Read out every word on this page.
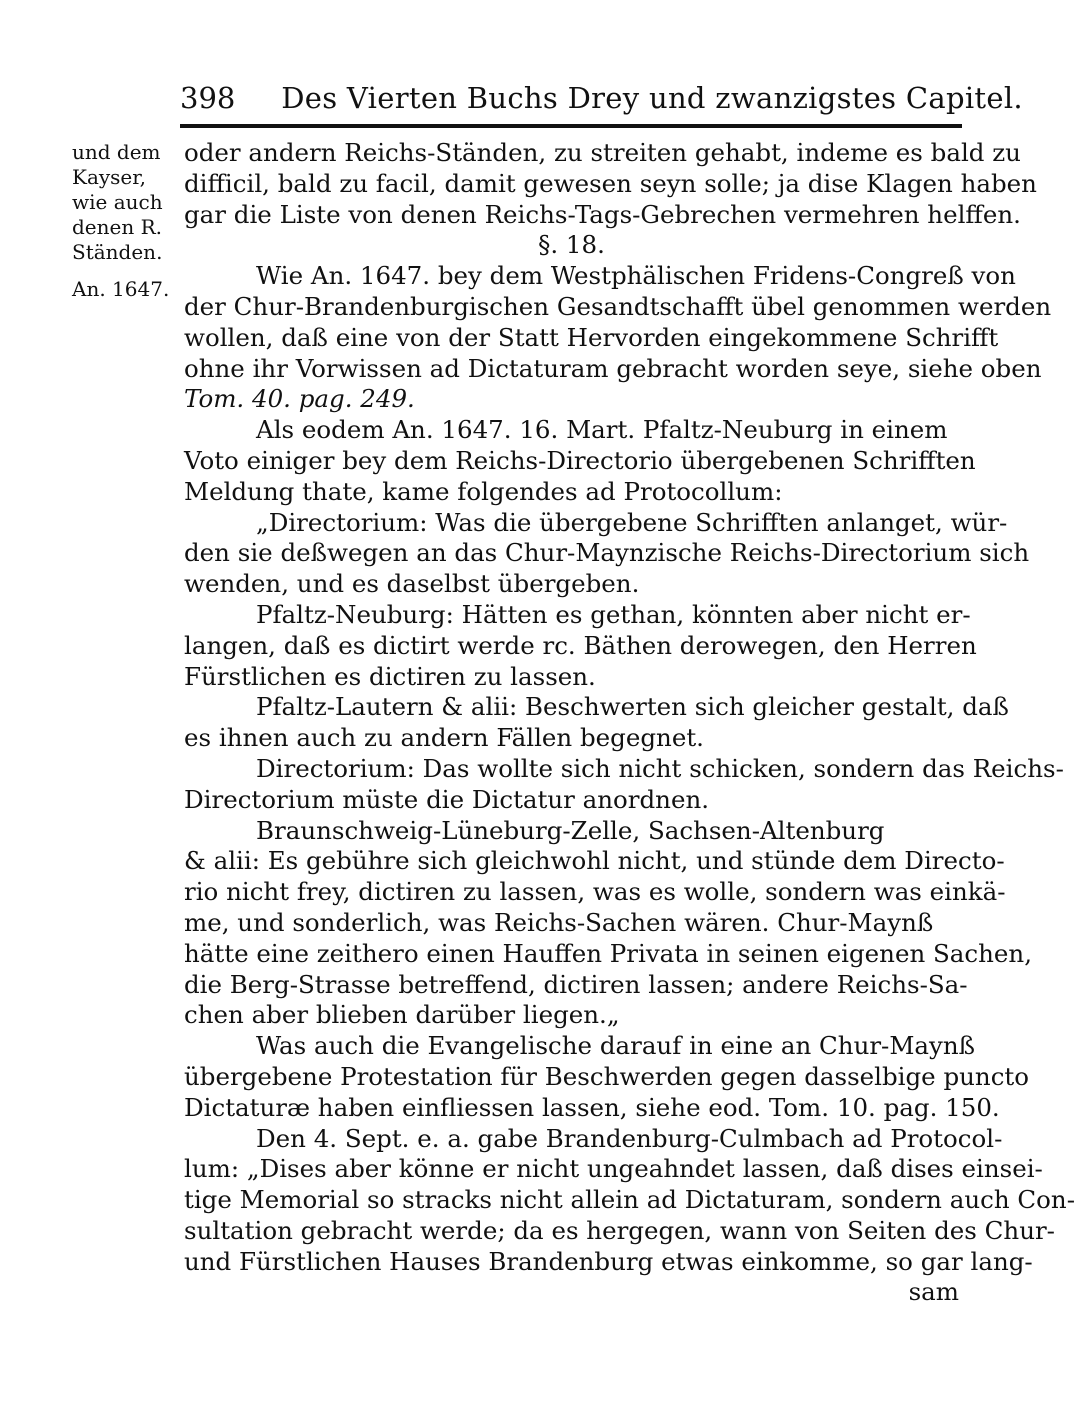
398 Des Vierten Buchs Drey und zwanzigstes Capitel.
und dem
Kayser,
wie auch
denen R.
Ständen.
An. 1647.
oder andern Reichs-Ständen, zu streiten gehabt, indeme es bald zu
difficil, bald zu facil, damit gewesen seyn solle; ja dise Klagen haben
gar die Liste von denen Reichs-Tags-Gebrechen vermehren helffen.
§. 18.
Wie An. 1647. bey dem Westphälischen Fridens-Congreß von
der Chur-Brandenburgischen Gesandtschafft übel genommen werden
wollen, daß eine von der Statt Hervorden eingekommene Schrifft
ohne ihr Vorwissen ad Dictaturam gebracht worden seye, siehe oben
Tom. 40. pag. 249.
Als eodem An. 1647. 16. Mart. Pfaltz-Neuburg in einem
Voto einiger bey dem Reichs-Directorio übergebenen Schrifften
Meldung thate, kame folgendes ad Protocollum:
„Directorium: Was die übergebene Schrifften anlanget, wür-
den sie deßwegen an das Chur-Maynzische Reichs-Directorium sich
wenden, und es daselbst übergeben.
Pfaltz-Neuburg: Hätten es gethan, könnten aber nicht er-
langen, daß es dictirt werde rc. Bäthen derowegen, den Herren
Fürstlichen es dictiren zu lassen.
Pfaltz-Lautern & alii: Beschwerten sich gleicher gestalt, daß
es ihnen auch zu andern Fällen begegnet.
Directorium: Das wollte sich nicht schicken, sondern das Reichs-
Directorium müste die Dictatur anordnen.
Braunschweig-Lüneburg-Zelle, Sachsen-Altenburg
& alii: Es gebühre sich gleichwohl nicht, und stünde dem Directo-
rio nicht frey, dictiren zu lassen, was es wolle, sondern was einkä-
me, und sonderlich, was Reichs-Sachen wären. Chur-Maynß
hätte eine zeithero einen Hauffen Privata in seinen eigenen Sachen,
die Berg-Strasse betreffend, dictiren lassen; andere Reichs-Sa-
chen aber blieben darüber liegen.„
Was auch die Evangelische darauf in eine an Chur-Maynß
übergebene Protestation für Beschwerden gegen dasselbige puncto
Dictaturæ haben einfliessen lassen, siehe eod. Tom. 10. pag. 150.
Den 4. Sept. e. a. gabe Brandenburg-Culmbach ad Protocol-
lum: „Dises aber könne er nicht ungeahndet lassen, daß dises einsei-
tige Memorial so stracks nicht allein ad Dictaturam, sondern auch Con-
sultation gebracht werde; da es hergegen, wann von Seiten des Chur-
und Fürstlichen Hauses Brandenburg etwas einkomme, so gar lang-
sam
